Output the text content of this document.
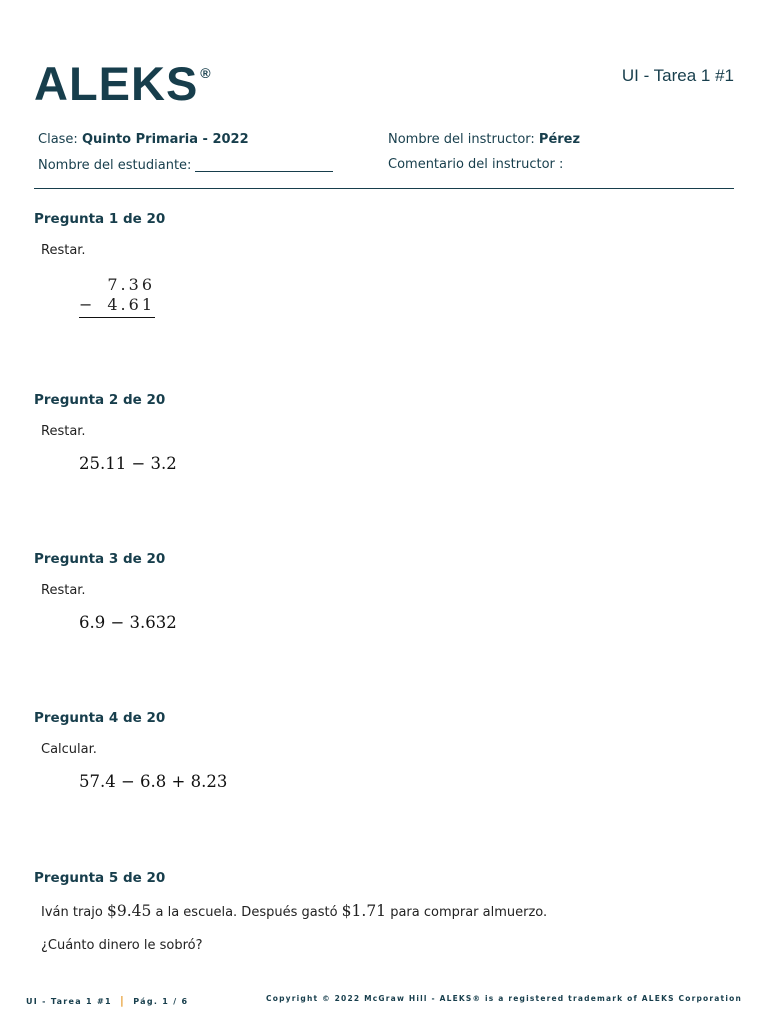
ALEKS ®	UI - Tarea 1 #1
Clase: Quinto Primaria - 2022
Nombre del estudiante:
Nombre del instructor: Pérez
Comentario del instructor :
Pregunta 1 de 20
Restar.
7.36
− 4.61
Pregunta 2 de 20
Restar.
25.11 − 3.2
Pregunta 3 de 20
Restar.
6.9 − 3.632
Pregunta 4 de 20
Calcular.
57.4 − 6.8 + 8.23
Pregunta 5 de 20
Iván trajo $9.45 a la escuela. Después gastó $1.71 para comprar almuerzo.
¿Cuánto dinero le sobró?
UI - Tarea 1 #1 | Pág. 1 / 6	Copyright © 2022 McGraw Hill - ALEKS® is a registered trademark of ALEKS Corporation
